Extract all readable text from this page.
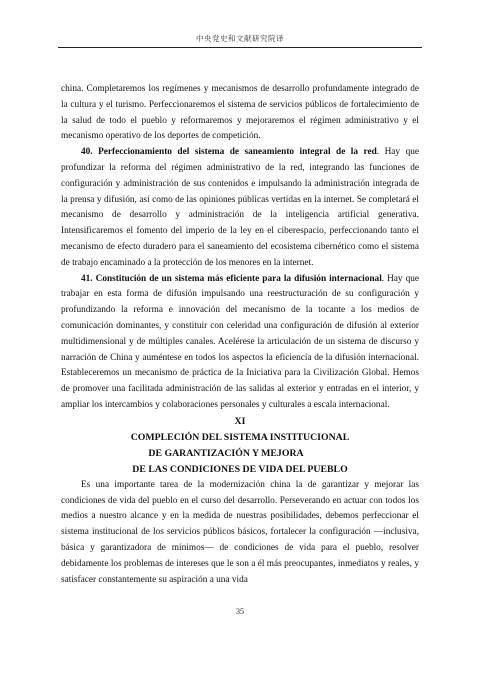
中央党史和文献研究院译

china. Completaremos los regímenes y mecanismos de desarrollo profundamente integrado de la cultura y el turismo. Perfeccionaremos el sistema de servicios públicos de fortalecimiento de la salud de todo el pueblo y reformaremos y mejoraremos el régimen administrativo y el mecanismo operativo de los deportes de competición.

40. Perfeccionamiento del sistema de saneamiento integral de la red. Hay que profundizar la reforma del régimen administrativo de la red, integrando las funciones de configuración y administración de sus contenidos e impulsando la administración integrada de la prensa y difusión, así como de las opiniones públicas vertidas en la internet. Se completará el mecanismo de desarrollo y administración de la inteligencia artificial generativa. Intensificaremos el fomento del imperio de la ley en el ciberespacio, perfeccionando tanto el mecanismo de efecto duradero para el saneamiento del ecosistema cibernético como el sistema de trabajo encaminado a la protección de los menores en la internet.

41. Constitución de un sistema más eficiente para la difusión internacional. Hay que trabajar en esta forma de difusión impulsando una reestructuración de su configuración y profundizando la reforma e innovación del mecanismo de la tocante a los medios de comunicación dominantes, y constituir con celeridad una configuración de difusión al exterior multidimensional y de múltiples canales. Acelérese la articulación de un sistema de discurso y narración de China y auméntese en todos los aspectos la eficiencia de la difusión internacional. Estableceremos un mecanismo de práctica de la Iniciativa para la Civilización Global. Hemos de promover una facilitada administración de las salidas al exterior y entradas en el interior, y ampliar los intercambios y colaboraciones personales y culturales a escala internacional.

XI

COMPLECIÓN DEL SISTEMA INSTITUCIONAL

DE GARANTIZACIÓN Y MEJORA

DE LAS CONDICIONES DE VIDA DEL PUEBLO

Es una importante tarea de la modernización china la de garantizar y mejorar las condiciones de vida del pueblo en el curso del desarrollo. Perseverando en actuar con todos los medios a nuestro alcance y en la medida de nuestras posibilidades, debemos perfeccionar el sistema institucional de los servicios públicos básicos, fortalecer la configuración —inclusiva, básica y garantizadora de mínimos— de condiciones de vida para el pueblo, resolver debidamente los problemas de intereses que le son a él más preocupantes, inmediatos y reales, y satisfacer constantemente su aspiración a una vida

35
